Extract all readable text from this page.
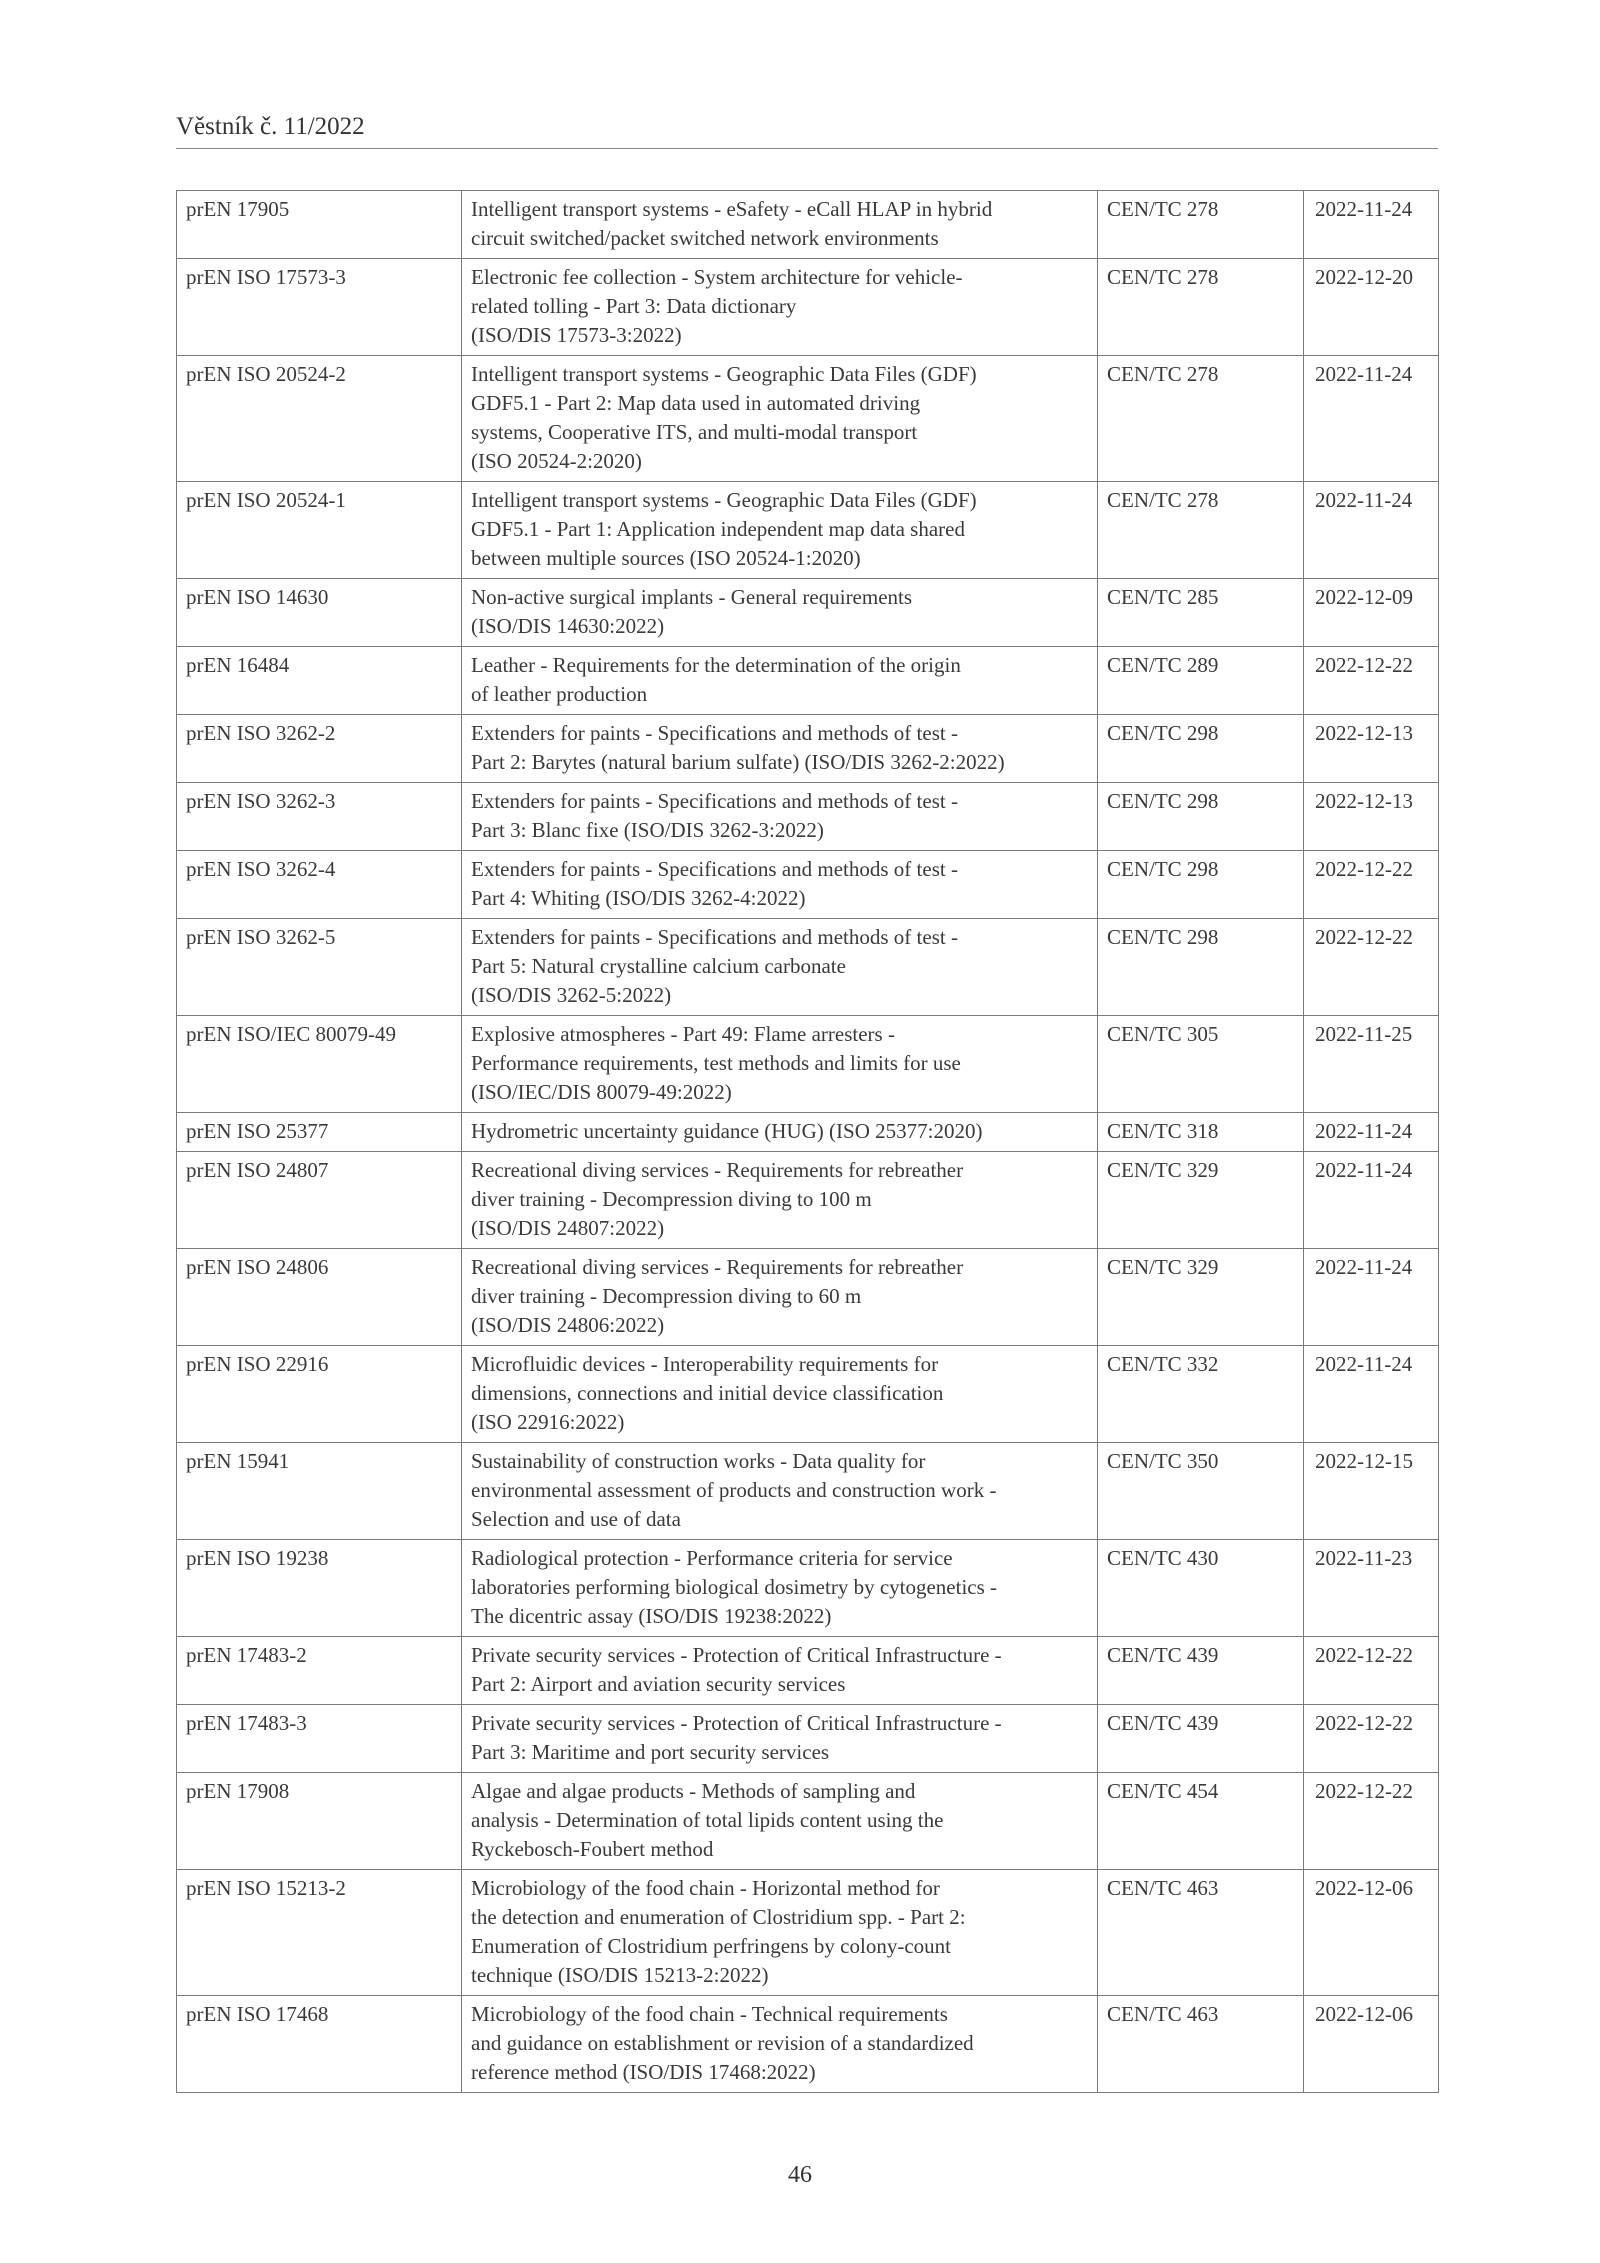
Věstník č. 11/2022
prEN 17905	Intelligent transport systems - eSafety - eCall HLAP in hybrid
circuit switched/packet switched network environments	CEN/TC 278	2022-11-24
prEN ISO 17573-3	Electronic fee collection - System architecture for vehicle-
related tolling - Part 3: Data dictionary
(ISO/DIS 17573-3:2022)	CEN/TC 278	2022-12-20
prEN ISO 20524-2	Intelligent transport systems - Geographic Data Files (GDF)
GDF5.1 - Part 2: Map data used in automated driving
systems, Cooperative ITS, and multi-modal transport
(ISO 20524-2:2020)	CEN/TC 278	2022-11-24
prEN ISO 20524-1	Intelligent transport systems - Geographic Data Files (GDF)
GDF5.1 - Part 1: Application independent map data shared
between multiple sources (ISO 20524-1:2020)	CEN/TC 278	2022-11-24
prEN ISO 14630	Non-active surgical implants - General requirements
(ISO/DIS 14630:2022)	CEN/TC 285	2022-12-09
prEN 16484	Leather - Requirements for the determination of the origin
of leather production	CEN/TC 289	2022-12-22
prEN ISO 3262-2	Extenders for paints - Specifications and methods of test -
Part 2: Barytes (natural barium sulfate) (ISO/DIS 3262-2:2022)	CEN/TC 298	2022-12-13
prEN ISO 3262-3	Extenders for paints - Specifications and methods of test -
Part 3: Blanc fixe (ISO/DIS 3262-3:2022)	CEN/TC 298	2022-12-13
prEN ISO 3262-4	Extenders for paints - Specifications and methods of test -
Part 4: Whiting (ISO/DIS 3262-4:2022)	CEN/TC 298	2022-12-22
prEN ISO 3262-5	Extenders for paints - Specifications and methods of test -
Part 5: Natural crystalline calcium carbonate
(ISO/DIS 3262-5:2022)	CEN/TC 298	2022-12-22
prEN ISO/IEC 80079-49	Explosive atmospheres - Part 49: Flame arresters -
Performance requirements, test methods and limits for use
(ISO/IEC/DIS 80079-49:2022)	CEN/TC 305	2022-11-25
prEN ISO 25377	Hydrometric uncertainty guidance (HUG) (ISO 25377:2020)	CEN/TC 318	2022-11-24
prEN ISO 24807	Recreational diving services - Requirements for rebreather
diver training - Decompression diving to 100 m
(ISO/DIS 24807:2022)	CEN/TC 329	2022-11-24
prEN ISO 24806	Recreational diving services - Requirements for rebreather
diver training - Decompression diving to 60 m
(ISO/DIS 24806:2022)	CEN/TC 329	2022-11-24
prEN ISO 22916	Microfluidic devices - Interoperability requirements for
dimensions, connections and initial device classification
(ISO 22916:2022)	CEN/TC 332	2022-11-24
prEN 15941	Sustainability of construction works - Data quality for
environmental assessment of products and construction work -
Selection and use of data	CEN/TC 350	2022-12-15
prEN ISO 19238	Radiological protection - Performance criteria for service
laboratories performing biological dosimetry by cytogenetics -
The dicentric assay (ISO/DIS 19238:2022)	CEN/TC 430	2022-11-23
prEN 17483-2	Private security services - Protection of Critical Infrastructure -
Part 2: Airport and aviation security services	CEN/TC 439	2022-12-22
prEN 17483-3	Private security services - Protection of Critical Infrastructure -
Part 3: Maritime and port security services	CEN/TC 439	2022-12-22
prEN 17908	Algae and algae products - Methods of sampling and
analysis - Determination of total lipids content using the
Ryckebosch-Foubert method	CEN/TC 454	2022-12-22
prEN ISO 15213-2	Microbiology of the food chain - Horizontal method for
the detection and enumeration of Clostridium spp. - Part 2:
Enumeration of Clostridium perfringens by colony-count
technique (ISO/DIS 15213-2:2022)	CEN/TC 463	2022-12-06
prEN ISO 17468	Microbiology of the food chain - Technical requirements
and guidance on establishment or revision of a standardized
reference method (ISO/DIS 17468:2022)	CEN/TC 463	2022-12-06
46
